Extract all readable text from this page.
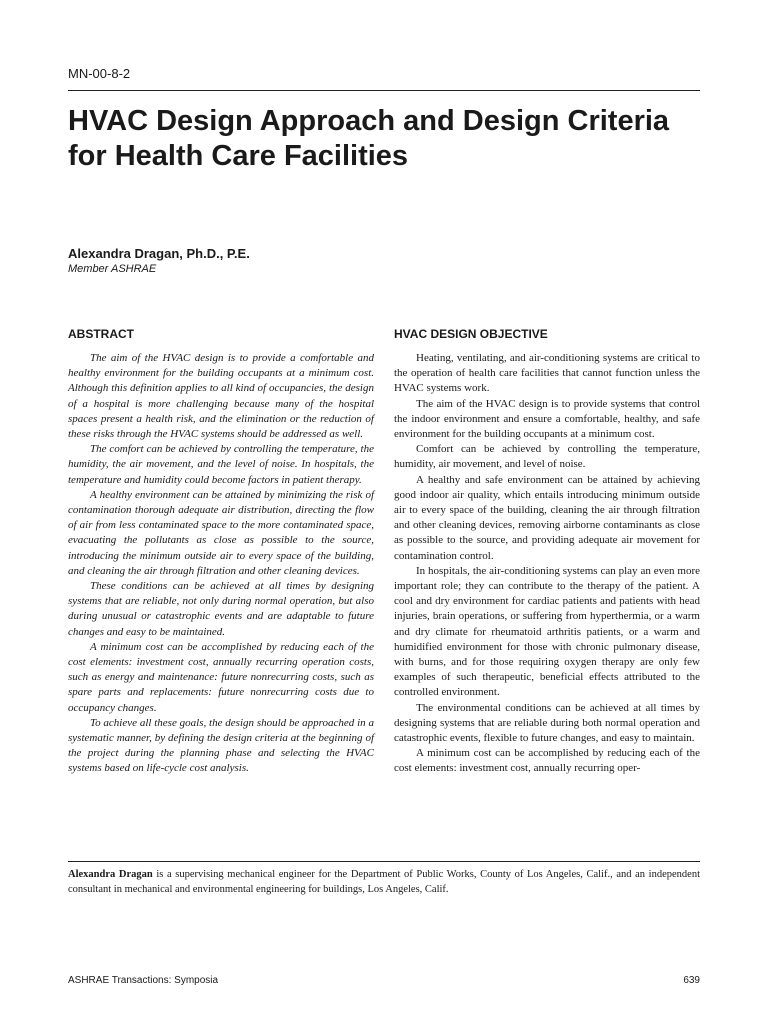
MN-00-8-2
HVAC Design Approach and Design Criteria for Health Care Facilities
Alexandra Dragan, Ph.D., P.E.
Member ASHRAE
ABSTRACT

The aim of the HVAC design is to provide a comfortable and healthy environment for the building occupants at a minimum cost. Although this definition applies to all kind of occupancies, the design of a hospital is more challenging because many of the hospital spaces present a health risk, and the elimination or the reduction of these risks through the HVAC systems should be addressed as well.

The comfort can be achieved by controlling the temperature, the humidity, the air movement, and the level of noise. In hospitals, the temperature and humidity could become factors in patient therapy.

A healthy environment can be attained by minimizing the risk of contamination thorough adequate air distribution, directing the flow of air from less contaminated space to the more contaminated space, evacuating the pollutants as close as possible to the source, introducing the minimum outside air to every space of the building, and cleaning the air through filtration and other cleaning devices.

These conditions can be achieved at all times by designing systems that are reliable, not only during normal operation, but also during unusual or catastrophic events and are adaptable to future changes and easy to be maintained.

A minimum cost can be accomplished by reducing each of the cost elements: investment cost, annually recurring operation costs, such as energy and maintenance: future nonrecurring costs, such as spare parts and replacements: future nonrecurring costs due to occupancy changes.

To achieve all these goals, the design should be approached in a systematic manner, by defining the design criteria at the beginning of the project during the planning phase and selecting the HVAC systems based on life-cycle cost analysis.

HVAC DESIGN OBJECTIVE

Heating, ventilating, and air-conditioning systems are critical to the operation of health care facilities that cannot function unless the HVAC systems work.

The aim of the HVAC design is to provide systems that control the indoor environment and ensure a comfortable, healthy, and safe environment for the building occupants at a minimum cost.

Comfort can be achieved by controlling the temperature, humidity, air movement, and level of noise.

A healthy and safe environment can be attained by achieving good indoor air quality, which entails introducing minimum outside air to every space of the building, cleaning the air through filtration and other cleaning devices, removing airborne contaminants as close as possible to the source, and providing adequate air movement for contamination control.

In hospitals, the air-conditioning systems can play an even more important role; they can contribute to the therapy of the patient. A cool and dry environment for cardiac patients and patients with head injuries, brain operations, or suffering from hyperthermia, or a warm and dry climate for rheumatoid arthritis patients, or a warm and humidified environment for those with chronic pulmonary disease, with burns, and for those requiring oxygen therapy are only few examples of such therapeutic, beneficial effects attributed to the controlled environment.

The environmental conditions can be achieved at all times by designing systems that are reliable during both normal operation and catastrophic events, flexible to future changes, and easy to maintain.

A minimum cost can be accomplished by reducing each of the cost elements: investment cost, annually recurring oper-

Alexandra Dragan is a supervising mechanical engineer for the Department of Public Works, County of Los Angeles, Calif., and an independent consultant in mechanical and environmental engineering for buildings, Los Angeles, Calif.
ASHRAE Transactions: Symposia	639
